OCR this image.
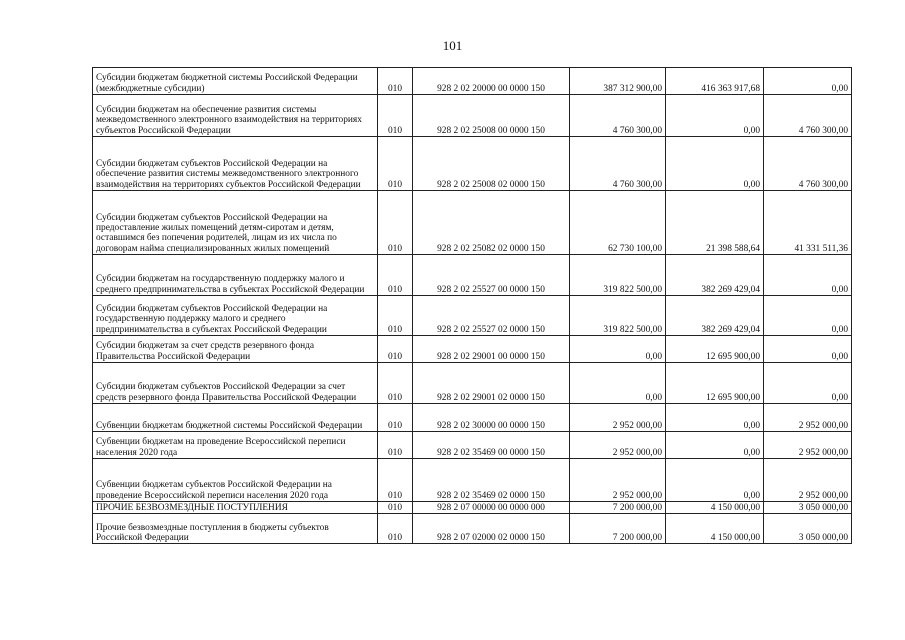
101
Субсидии бюджетам бюджетной системы Российской Федерации (межбюджетные субсидии)	010	928 2 02 20000 00 0000 150	387 312 900,00	416 363 917,68	0,00
Субсидии бюджетам на обеспечение развития системы межведомственного электронного взаимодействия на территориях субъектов Российской Федерации	010	928 2 02 25008 00 0000 150	4 760 300,00	0,00	4 760 300,00
Субсидии бюджетам субъектов Российской Федерации на обеспечение развития системы межведомственного электронного взаимодействия на территориях субъектов Российской Федерации	010	928 2 02 25008 02 0000 150	4 760 300,00	0,00	4 760 300,00
Субсидии бюджетам субъектов Российской Федерации на предоставление жилых помещений детям-сиротам и детям, оставшимся без попечения родителей, лицам из их числа по договорам найма специализированных жилых помещений	010	928 2 02 25082 02 0000 150	62 730 100,00	21 398 588,64	41 331 511,36
Субсидии бюджетам на государственную поддержку малого и среднего предпринимательства в субъектах Российской Федерации	010	928 2 02 25527 00 0000 150	319 822 500,00	382 269 429,04	0,00
Субсидии бюджетам субъектов Российской Федерации на государственную поддержку малого и среднего предпринимательства в субъектах Российской Федерации	010	928 2 02 25527 02 0000 150	319 822 500,00	382 269 429,04	0,00
Субсидии бюджетам за счет средств резервного фонда Правительства Российской Федерации	010	928 2 02 29001 00 0000 150	0,00	12 695 900,00	0,00
Субсидии бюджетам субъектов Российской Федерации за счет средств резервного фонда Правительства Российской Федерации	010	928 2 02 29001 02 0000 150	0,00	12 695 900,00	0,00
Субвенции бюджетам бюджетной системы Российской Федерации	010	928 2 02 30000 00 0000 150	2 952 000,00	0,00	2 952 000,00
Субвенции бюджетам на проведение Всероссийской переписи населения 2020 года	010	928 2 02 35469 00 0000 150	2 952 000,00	0,00	2 952 000,00
Субвенции бюджетам субъектов Российской Федерации на проведение Всероссийской переписи населения 2020 года	010	928 2 02 35469 02 0000 150	2 952 000,00	0,00	2 952 000,00
ПРОЧИЕ БЕЗВОЗМЕЗДНЫЕ ПОСТУПЛЕНИЯ	010	928 2 07 00000 00 0000 000	7 200 000,00	4 150 000,00	3 050 000,00
Прочие безвозмездные поступления в бюджеты субъектов Российской Федерации	010	928 2 07 02000 02 0000 150	7 200 000,00	4 150 000,00	3 050 000,00
